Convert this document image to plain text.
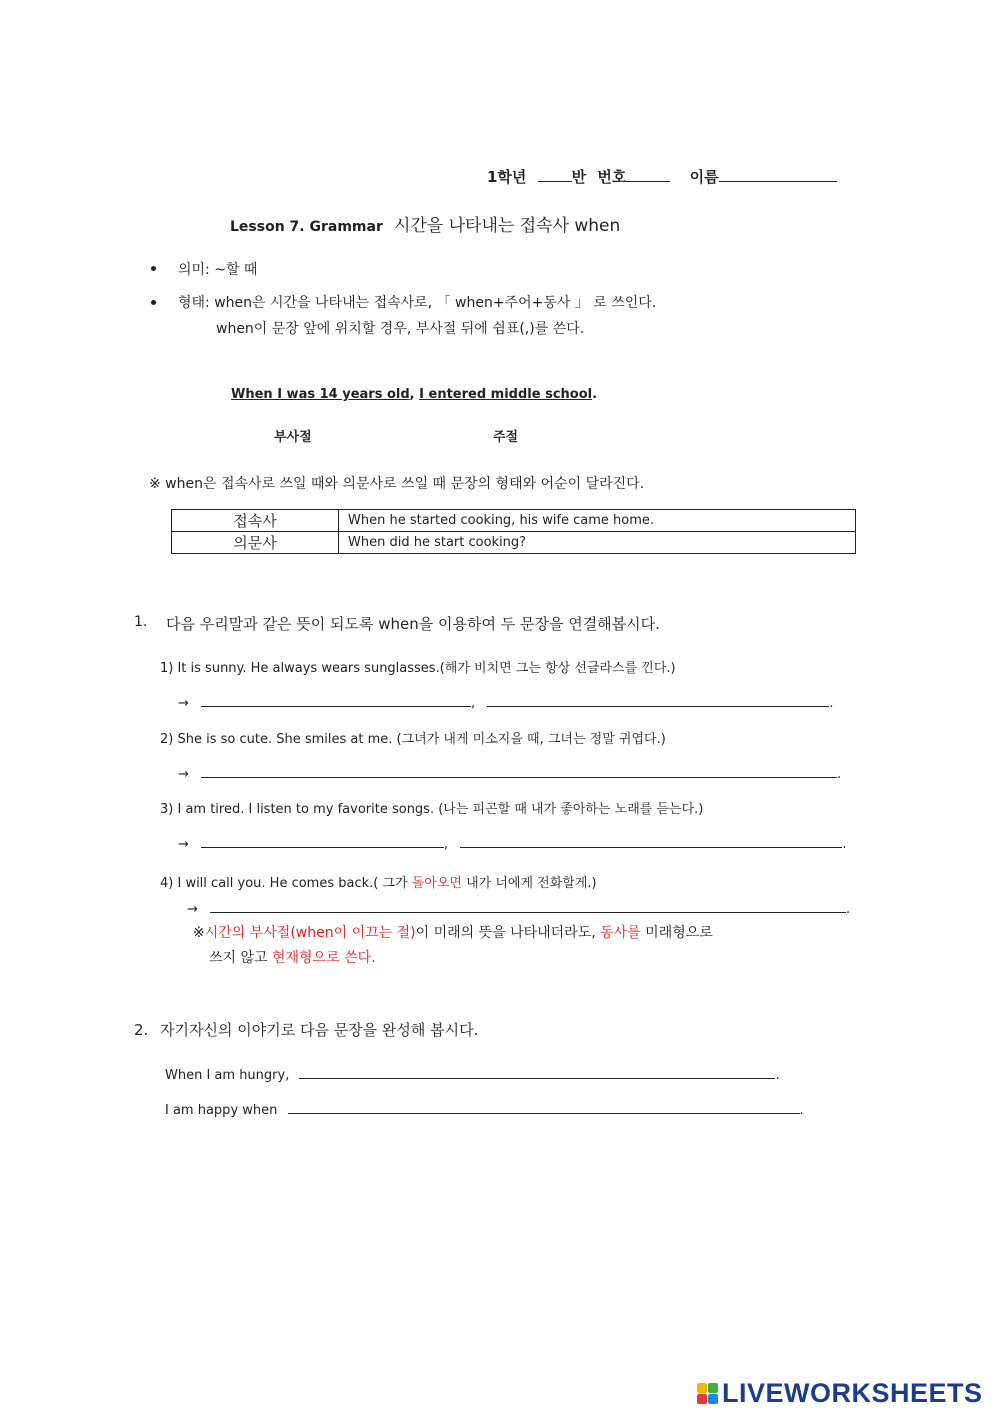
1학년	반 번호	이름
Lesson 7. Grammar 시간을 나타내는 접속사 when
의미: ~할 때
형태: when은 시간을 나타내는 접속사로, 「 when+주어+동사 」 로 쓰인다.
when이 문장 앞에 위치할 경우, 부사절 뒤에 쉼표(,)를 쓴다.
When I was 14 years old, I entered middle school.
부사절	주절
※ when은 접속사로 쓰일 때와 의문사로 쓰일 때 문장의 형태와 어순이 달라진다.
접속사	When he started cooking, his wife came home.
의문사	When did he start cooking?
1. 다음 우리말과 같은 뜻이 되도록 when을 이용하여 두 문장을 연결해봅시다.
1) It is sunny. He always wears sunglasses.(해가 비치면 그는 항상 선글라스를 낀다.)
→	,	.
2) She is so cute. She smiles at me. (그녀가 내게 미소지을 때, 그녀는 정말 귀엽다.)
→	.
3) I am tired. I listen to my favorite songs. (나는 피곤할 때 내가 좋아하는 노래를 듣는다.)
→	,	.
4) I will call you. He comes back.( 그가 돌아오면 내가 너에게 전화할게.)
→	.
※시간의 부사절(when이 이끄는 절)이 미래의 뜻을 나타내더라도, 동사를 미래형으로
쓰지 않고 현재형으로 쓴다.
2. 자기자신의 이야기로 다음 문장을 완성해 봅시다.
When I am hungry,	.
I am happy when	.
LIVEWORKSHEETS
